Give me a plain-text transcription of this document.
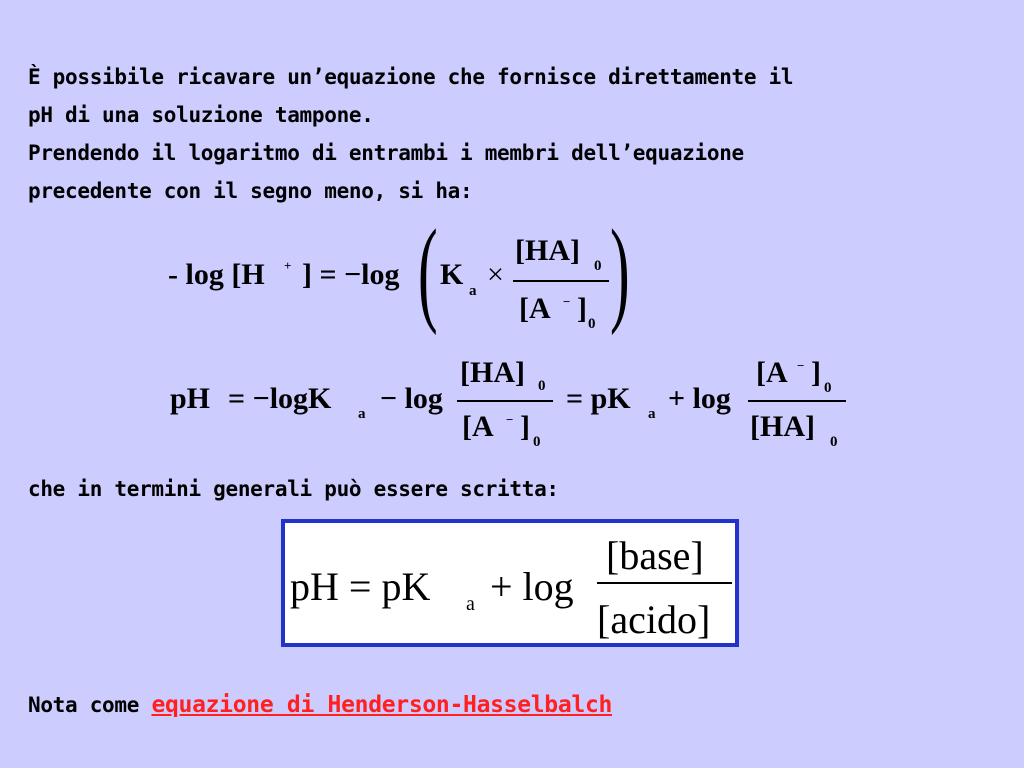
È possibile ricavare un’equazione che fornisce direttamente il
pH di una soluzione tampone.
Prendendo il logaritmo di entrambi i membri dell’equazione
precedente con il segno meno, si ha:
- log [H + ] = −log ( )
K a ×
[HA] 0
[A − ] 0
pH = −logK a − log
[HA] 0
[A − ] 0
= pK a + log
[A − ] 0
[HA] 0
che in termini generali può essere scritta:
pH = pK a + log
[base]
[acido]
Nota come equazione di Henderson-Hasselbalch
